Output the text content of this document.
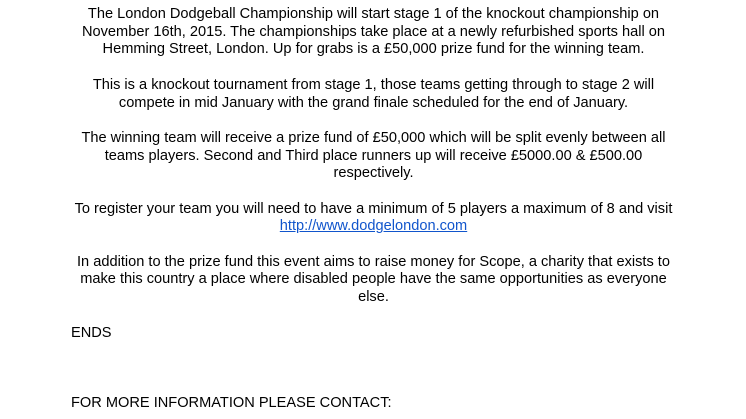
The London Dodgeball Championship will start stage 1 of the knockout championship on November 16th, 2015. The championships take place at a newly refurbished sports hall on Hemming Street, London. Up for grabs is a £50,000 prize fund for the winning team.

This is a knockout tournament from stage 1, those teams getting through to stage 2 will compete in mid January with the grand finale scheduled for the end of January.

The winning team will receive a prize fund of £50,000 which will be split evenly between all teams players. Second and Third place runners up will receive £5000.00 & £500.00 respectively.

To register your team you will need to have a minimum of 5 players a maximum of 8 and visit http://www.dodgelondon.com

In addition to the prize fund this event aims to raise money for Scope, a charity that exists to make this country a place where disabled people have the same opportunities as everyone else.

ENDS

FOR MORE INFORMATION PLEASE CONTACT:
